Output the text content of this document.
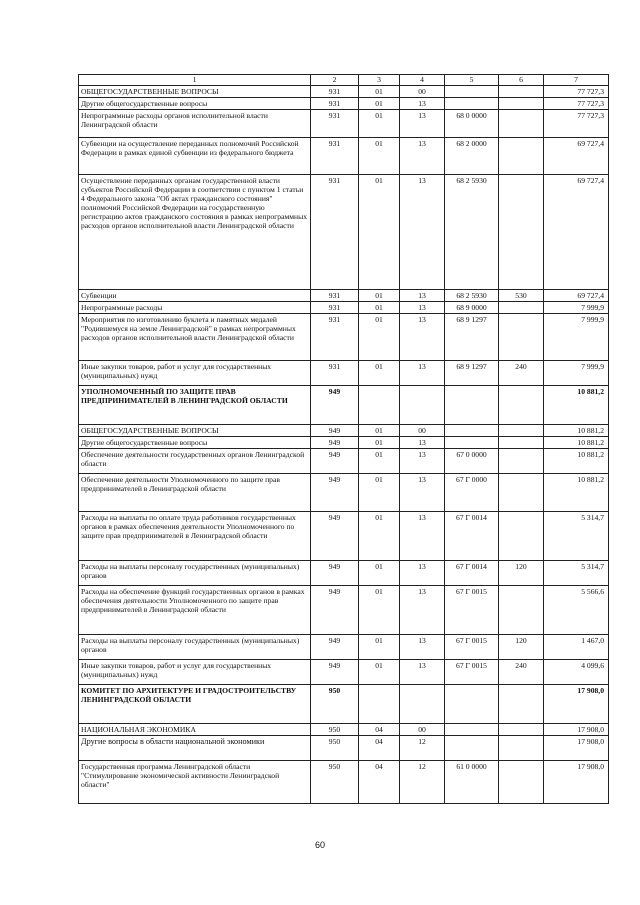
1	2	3	4	5	6	7
ОБЩЕГОСУДАРСТВЕННЫЕ ВОПРОСЫ	931	01	00			77 727,3
Другие общегосударственные вопросы	931	01	13			77 727,3
Непрограммные расходы органов исполнительной власти Ленинградской области	931	01	13	68 0 0000		77 727,3
Субвенции на осуществление переданных полномочий Российской Федерации в рамках единой субвенции из федерального бюджета	931	01	13	68 2 0000		69 727,4
Осуществление переданных органам государственной власти субъектов Российской Федерации в соответствии с пунктом 1 статьи 4 Федерального закона "Об актах гражданского состояния" полномочий Российской Федерации на государственную регистрацию актов гражданского состояния в рамках непрограммных расходов органов исполнительной власти Ленинградской области	931	01	13	68 2 5930		69 727,4
Субвенции	931	01	13	68 2 5930	530	69 727,4
Непрограммные расходы	931	01	13	68 9 0000		7 999,9
Мероприятия по изготовлению буклета и памятных медалей "Родившемуся на земле Ленинградской" в рамках непрограммных расходов органов исполнительной власти Ленинградской области	931	01	13	68 9 1297		7 999,9
Иные закупки товаров, работ и услуг для государственных (муниципальных) нужд	931	01	13	68 9 1297	240	7 999,9
УПОЛНОМОЧЕННЫЙ ПО ЗАЩИТЕ ПРАВ ПРЕДПРИНИМАТЕЛЕЙ В ЛЕНИНГРАДСКОЙ ОБЛАСТИ	949					10 881,2
ОБЩЕГОСУДАРСТВЕННЫЕ ВОПРОСЫ	949	01	00			10 881,2
Другие общегосударственные вопросы	949	01	13			10 881,2
Обеспечение деятельности государственных органов Ленинградской области	949	01	13	67 0 0000		10 881,2
Обеспечение деятельности Уполномоченного по защите прав предпринимателей в Ленинградской области	949	01	13	67 Г 0000		10 881,2
Расходы на выплаты по оплате труда работников государственных органов в рамках обеспечения деятельности Уполномоченного по защите прав предпринимателей в Ленинградской области	949	01	13	67 Г 0014		5 314,7
Расходы на выплаты персоналу государственных (муниципальных) органов	949	01	13	67 Г 0014	120	5 314,7
Расходы на обеспечение функций государственных органов в рамках обеспечения деятельности Уполномоченного по защите прав предпринимателей в Ленинградской области	949	01	13	67 Г 0015		5 566,6
Расходы на выплаты персоналу государственных (муниципальных) органов	949	01	13	67 Г 0015	120	1 467,0
Иные закупки товаров, работ и услуг для государственных (муниципальных) нужд	949	01	13	67 Г 0015	240	4 099,6
КОМИТЕТ ПО АРХИТЕКТУРЕ И ГРАДОСТРОИТЕЛЬСТВУ ЛЕНИНГРАДСКОЙ ОБЛАСТИ	950					17 908,0
НАЦИОНАЛЬНАЯ ЭКОНОМИКА	950	04	00			17 908,0
Другие вопросы в области национальной экономики	950	04	12			17 908,0
Государственная программа Ленинградской области "Стимулирование экономической активности Ленинградской области"	950	04	12	61 0 0000		17 908,0
60
